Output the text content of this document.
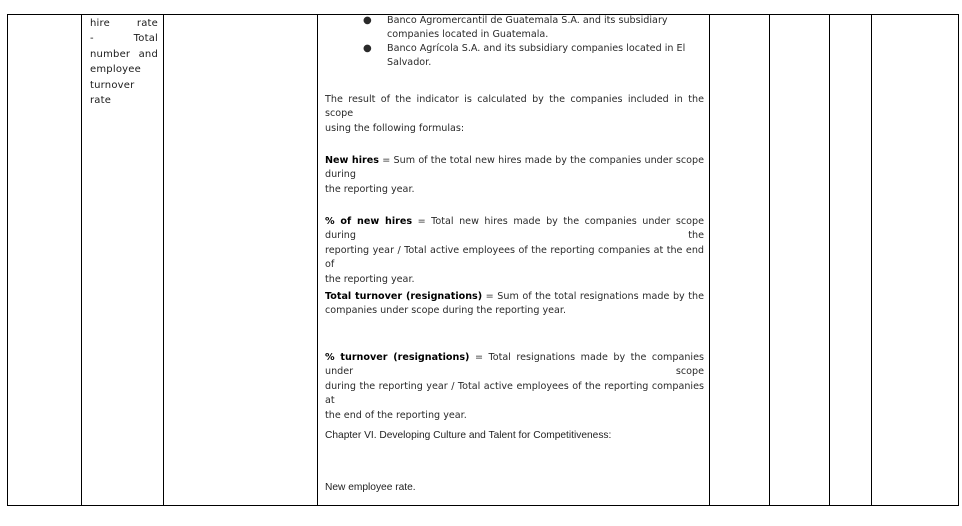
hire rate
- Total
number and
employee
turnover rate
● Banco Agromercantil de Guatemala S.A. and its subsidiary
companies located in Guatemala.
● Banco Agrícola S.A. and its subsidiary companies located in El
Salvador.
The result of the indicator is calculated by the companies included in the scope
using the following formulas:
New hires = Sum of the total new hires made by the companies under scope during
the reporting year.
% of new hires = Total new hires made by the companies under scope during the
reporting year / Total active employees of the reporting companies at the end of
the reporting year.
Total turnover (resignations) = Sum of the total resignations made by the
companies under scope during the reporting year.
% turnover (resignations) = Total resignations made by the companies under scope
during the reporting year / Total active employees of the reporting companies at
the end of the reporting year.
Chapter VI. Developing Culture and Talent for Competitiveness:
New employee rate.
